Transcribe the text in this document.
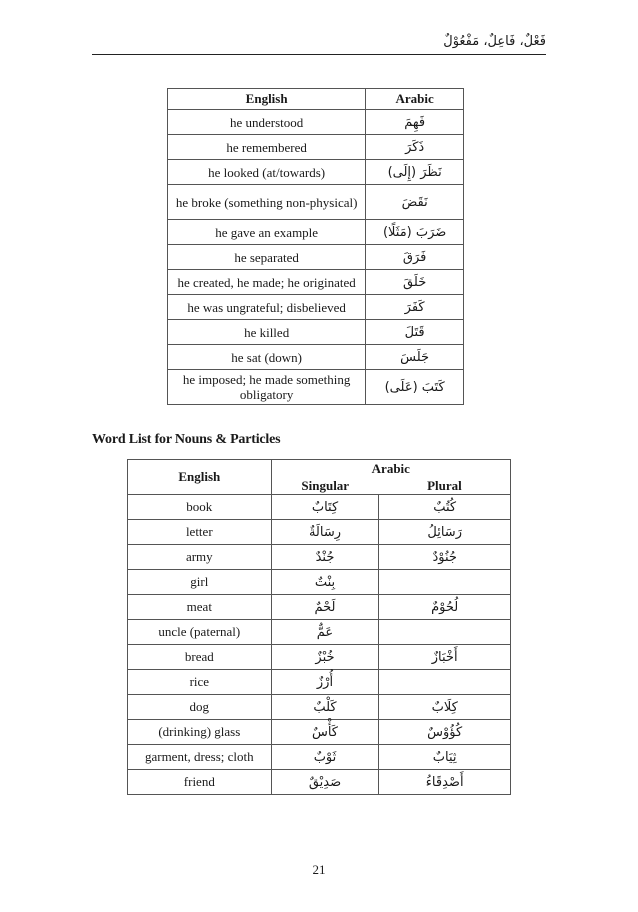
فَعْلٌ، فَاعِلٌ، مَفْعُوْلٌ
English	Arabic
he understood	فَهِمَ
he remembered	ذَكَرَ
he looked (at/towards)	نَظَرَ (إِلَى)
he broke (something non-physical)	نَقَضَ
he gave an example	ضَرَبَ (مَثَلًا)
he separated	فَرَقَ
he created, he made; he originated	خَلَقَ
he was ungrateful; disbelieved	كَفَرَ
he killed	قَتَلَ
he sat (down)	جَلَسَ
he imposed; he made something obligatory	كَتَبَ (عَلَى)
Word List for Nouns & Particles
English	Arabic	
	Singular	Plural
book	كِتَابٌ	كُتُبٌ
letter	رِسَالَةٌ	رَسَائِلُ
army	جُنْدٌ	جُنُوْدٌ
girl	بِنْتٌ	
meat	لَحْمٌ	لُحُوْمٌ
uncle (paternal)	عَمٌّ	
bread	خُبْزٌ	أَخْبَازٌ
rice	أُرْزٌ	
dog	كَلْبٌ	كِلَابٌ
(drinking) glass	كَأْسٌ	كُؤُوْسٌ
garment, dress; cloth	ثَوْبٌ	ثِيَابٌ
friend	صَدِيْقٌ	أَصْدِقَاءُ
21
